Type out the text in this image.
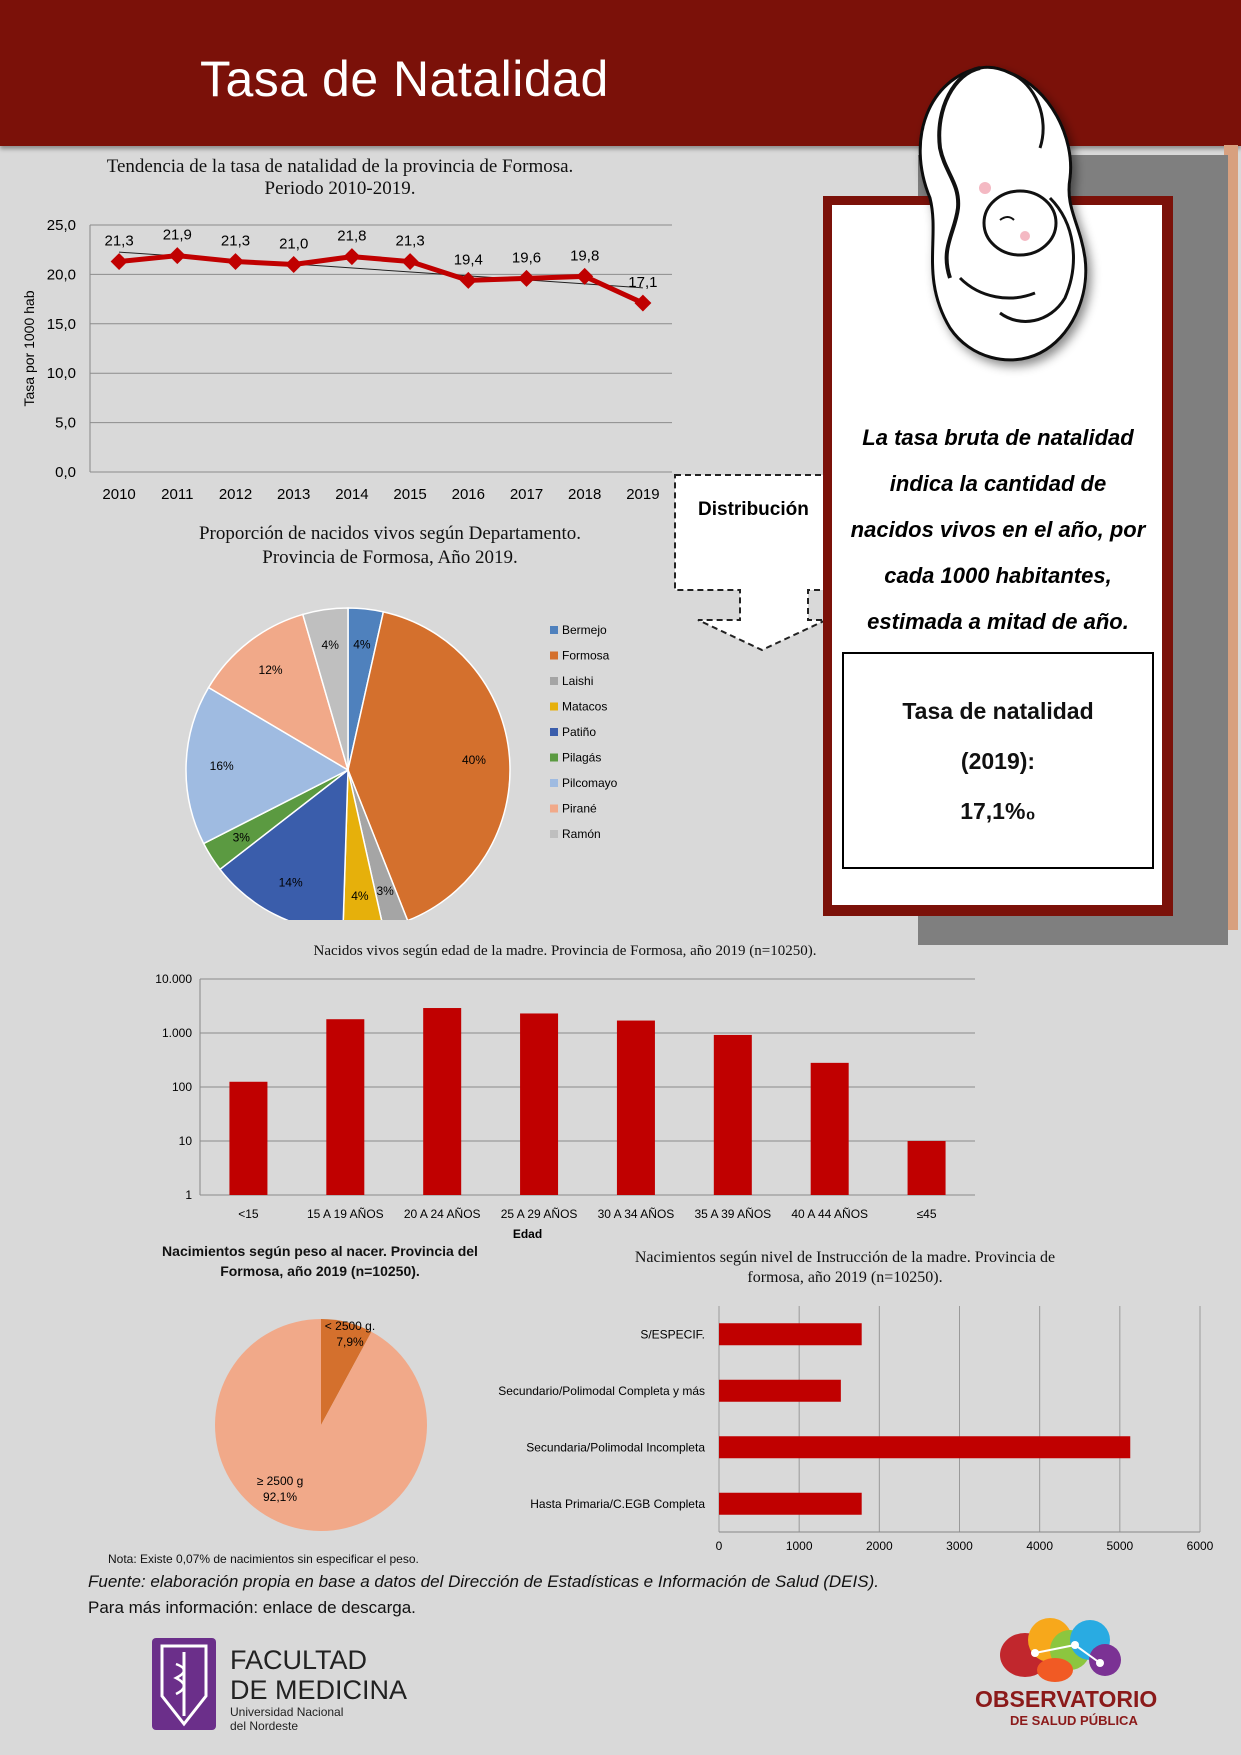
Tasa de Natalidad
Tendencia de la tasa de natalidad de la provincia de Formosa.
Periodo 2010-2019.
0,0
5,0
10,0
15,0
20,0
25,0
2010 2011 2012 2013 2014 2015 2016 2017 2018 2019
Tasa por 1000 hab
21,3 21,9 21,3 21,0 21,8 21,3
19,4 19,6 19,8
17,1
Proporción de nacidos vivos según Departamento.
Provincia de Formosa, Año 2019.
4%
40%
3%
4%
14%
3%
16%
12%
4%
Bermejo
Formosa
Laishi
Matacos
Patiño
Pilagás
Pilcomayo
Pirané
Ramón
Distribución
La tasa bruta de natalidad
indica la cantidad de
nacidos vivos en el año, por
cada 1000 habitantes,
estimada a mitad de año.
Tasa de natalidad
(2019):
17,1%₀
Nacidos vivos según edad de la madre. Provincia de Formosa, año 2019 (n=10250).
1
10
100
1.000
10.000
<15	15 A 19 AÑOS 20 A 24 AÑOS 25 A 29 AÑOS 30 A 34 AÑOS 35 A 39 AÑOS 40 A 44 AÑOS	≤45
Edad
Nacimientos según peso al nacer. Provincia del
Formosa, año 2019 (n=10250).
< 2500 g.
7,9%
≥ 2500 g
92,1%
Nota: Existe 0,07% de nacimientos sin especificar el peso.
Nacimientos según nivel de Instrucción de la madre. Provincia de
formosa, año 2019 (n=10250).
0	1000	2000	3000	4000	5000	6000
S/ESPECIF.
Secundario/Polimodal Completa y más
Secundaria/Polimodal Incompleta
Hasta Primaria/C.EGB Completa
Fuente: elaboración propia en base a datos del Dirección de Estadísticas e Información de Salud (DEIS).
Para más información: enlace de descarga.
FACULTAD
DE MEDICINA
Universidad Nacional
del Nordeste
OBSERVATORIO
DE SALUD PÚBLICA
